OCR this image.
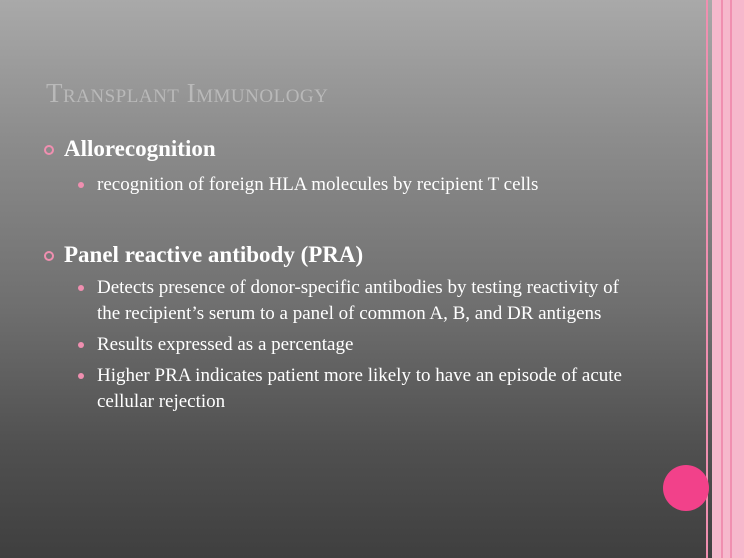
Transplant Immunology
Allorecognition
recognition of foreign HLA molecules by recipient T cells
Panel reactive antibody (PRA)
Detects presence of donor-specific antibodies by testing reactivity of the recipient’s serum to a panel of common A, B, and DR antigens
Results expressed as a percentage
Higher PRA indicates patient more likely to have an episode of acute cellular rejection
